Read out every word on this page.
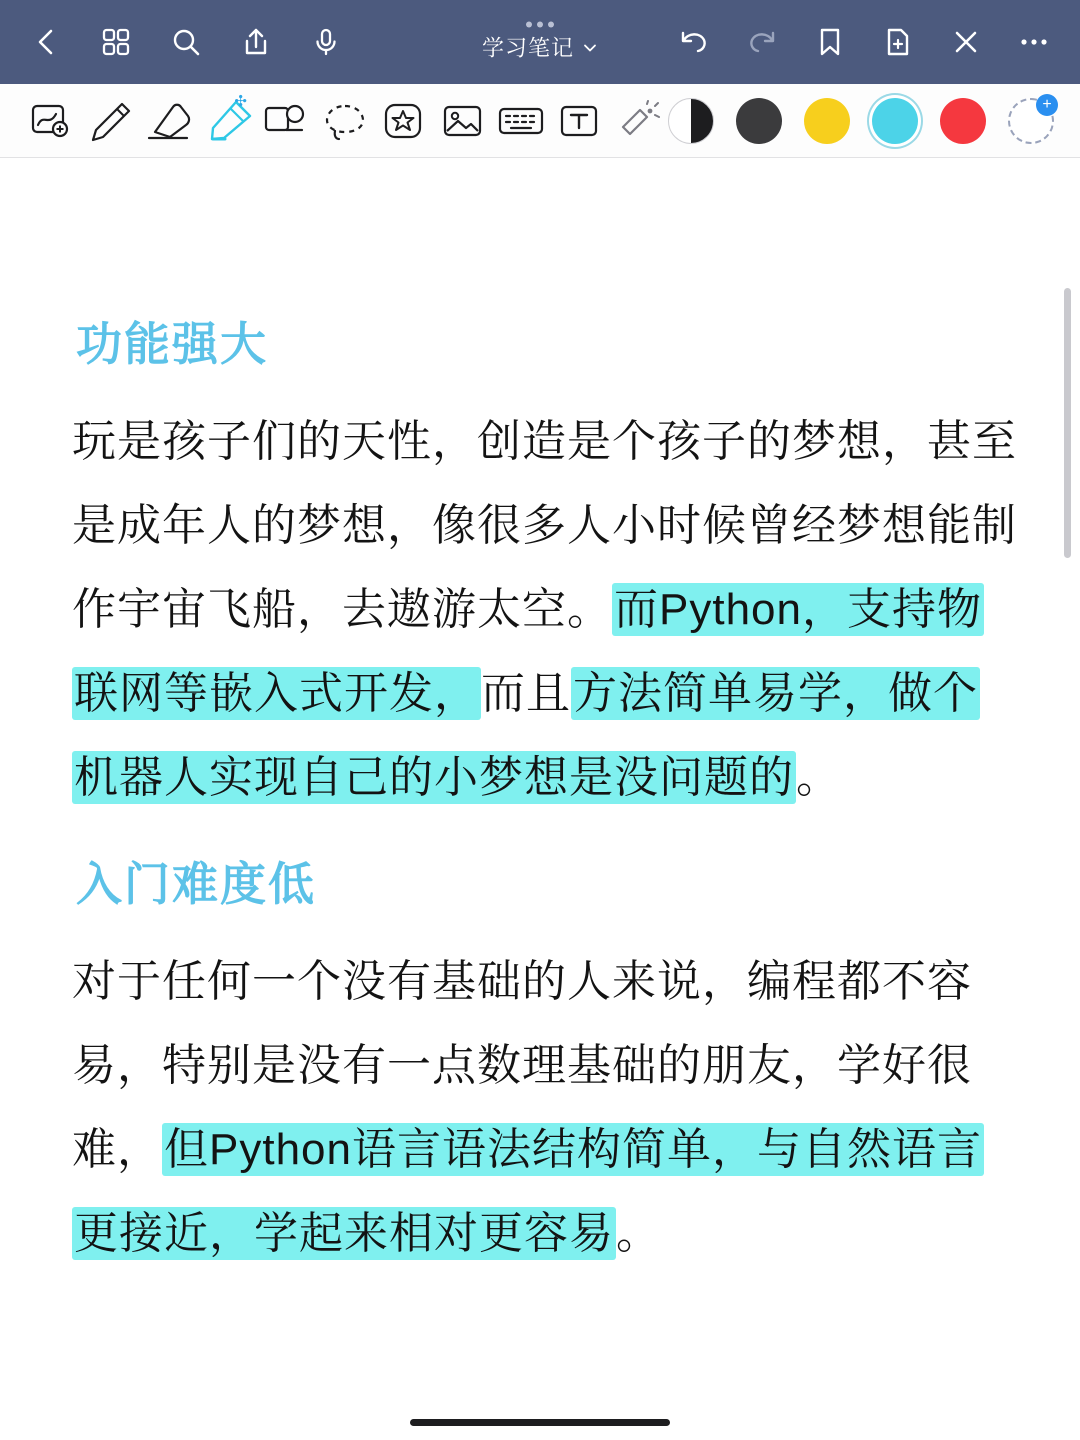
学习笔记
✣	+
功能强大

玩是孩子们的天性，创造是个孩子的梦想，甚至是成年人的梦想，像很多人小时候曾经梦想能制作宇宙飞船，去遨游太空。而Python，支持物联网等嵌入式开发，而且方法简单易学，做个机器人实现自己的小梦想是没问题的。

入门难度低

对于任何一个没有基础的人来说，编程都不容易，特别是没有一点数理基础的朋友，学好很难，但Python语言语法结构简单，与自然语言更接近，学起来相对更容易。
